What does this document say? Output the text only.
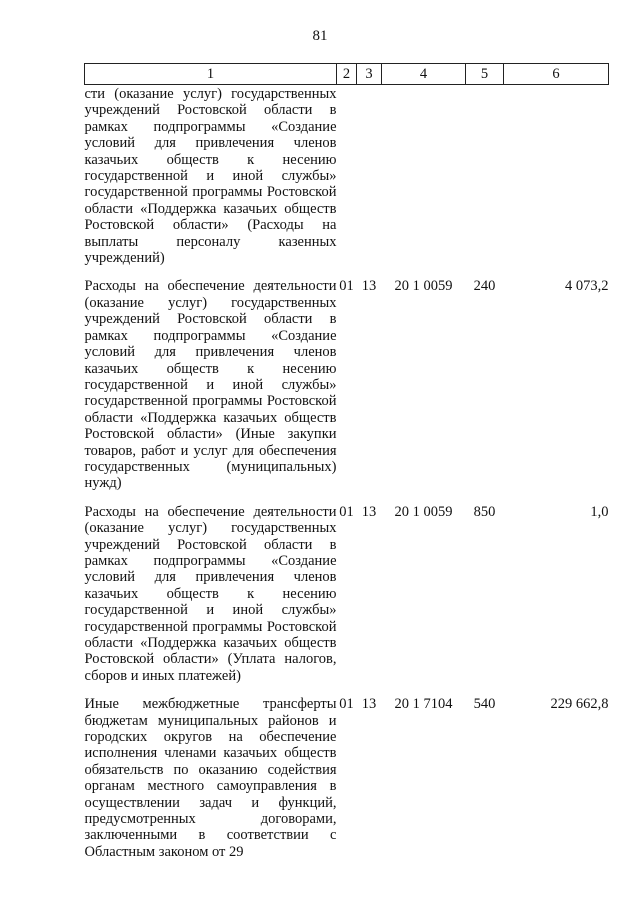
81
1	2	3	4	5	6
сти (оказание услуг) государственных учреждений Ростовской области в рамках подпрограммы «Создание условий для привлечения членов казачьих обществ к несению государственной и иной службы» государственной программы Ростовской области «Поддержка казачьих обществ Ростовской области» (Расходы на выплаты персоналу казенных учреждений)					
Расходы на обеспечение деятельности (оказание услуг) государственных учреждений Ростовской области в рамках подпрограммы «Создание условий для привлечения членов казачьих обществ к несению государственной и иной службы» государственной программы Ростовской области «Поддержка казачьих обществ Ростовской области» (Иные закупки товаров, работ и услуг для обеспечения государственных (муниципальных) нужд)	01	13	20 1 0059	240	4 073,2
Расходы на обеспечение деятельности (оказание услуг) государственных учреждений Ростовской области в рамках подпрограммы «Создание условий для привлечения членов казачьих обществ к несению государственной и иной службы» государственной программы Ростовской области «Поддержка казачьих обществ Ростовской области» (Уплата налогов, сборов и иных платежей)	01	13	20 1 0059	850	1,0
Иные межбюджетные трансферты бюджетам муниципальных районов и городских округов на обеспечение исполнения членами казачьих обществ обязательств по оказанию содействия органам местного самоуправления в осуществлении задач и функций, предусмотренных договорами, заключенными в соответствии с Областным законом от 29	01	13	20 1 7104	540	229 662,8
